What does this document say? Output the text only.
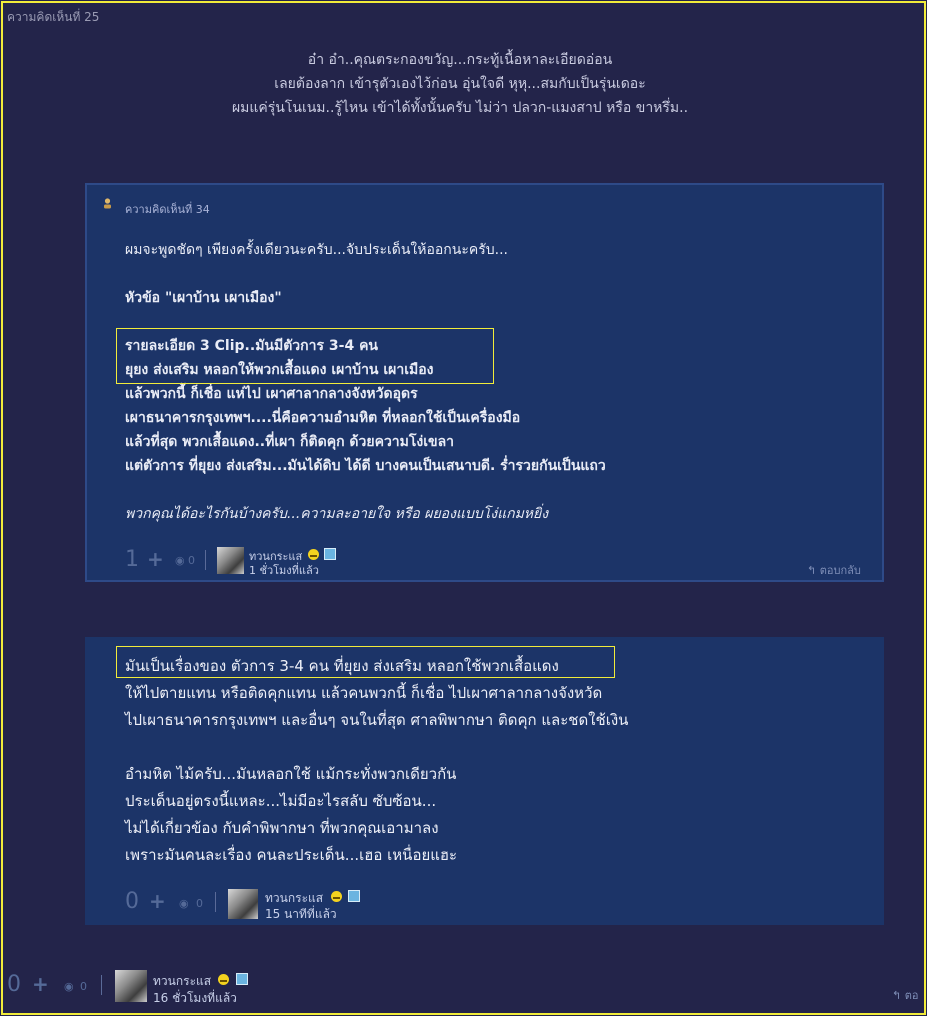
ความคิดเห็นที่ 25
อ๋า อ๋า..คุณตระกองขวัญ...กระทู้เนื้อหาละเอียดอ่อน
เลยต้องลาก เข้ารุตัวเองไว้ก่อน อุ่นใจดี หุหุ...สมกับเป็นรุ่นเดอะ
ผมแค่รุ่นโนเนม..รู้ไหน เข้าได้ทั้งนั้นครับ ไม่ว่า ปลวก-แมงสาป หรือ ขาหรึ่ม..
ความคิดเห็นที่ 34
ผมจะพูดชัดๆ เพียงครั้งเดียวนะครับ...จับประเด็นให้ออกนะครับ...
หัวข้อ "เผาบ้าน เผาเมือง"
รายละเอียด 3 Clip..มันมีตัวการ 3-4 คน
ยุยง ส่งเสริม หลอกให้พวกเสื้อแดง เผาบ้าน เผาเมือง
แล้วพวกนี้ ก็เชื่อ แห่ไป เผาศาลากลางจังหวัดอุดร
เผาธนาคารกรุงเทพฯ....นี่คือความอำมหิต ที่หลอกใช้เป็นเครื่องมือ
แล้วที่สุด พวกเสื้อแดง..ที่เผา ก็ติดคุก ด้วยความโง่เขลา
แต่ตัวการ ที่ยุยง ส่งเสริม...มันได้ดิบ ได้ดี บางคนเป็นเสนาบดี. ร่ำรวยกันเป็นแถว
พวกคุณได้อะไรกันบ้างครับ...ความละอายใจ หรือ ผยองแบบโง่แกมหยิ่ง
1 + ◉ 0	ทวนกระแส
1 ชั่วโมงที่แล้ว	↰ ตอบกลับ
มันเป็นเรื่องของ ตัวการ 3-4 คน ที่ยุยง ส่งเสริม หลอกใช้พวกเสื้อแดง
ให้ไปตายแทน หรือติดคุกแทน แล้วคนพวกนี้ ก็เชื่อ ไปเผาศาลากลางจังหวัด
ไปเผาธนาคารกรุงเทพฯ และอื่นๆ จนในที่สุด ศาลพิพากษา ติดคุก และชดใช้เงิน
อำมหิต ไม้ครับ...มันหลอกใช้ แม้กระทั่งพวกเดียวกัน
ประเด็นอยู่ตรงนี้แหละ...ไม่มีอะไรสลับ ซับซ้อน...
ไม่ได้เกี่ยวข้อง กับคำพิพากษา ที่พวกคุณเอามาลง
เพราะมันคนละเรื่อง คนละประเด็น...เฮอ เหนื่อยแฮะ
0 + ◉ 0	ทวนกระแส
15 นาทีที่แล้ว
0 + ◉ 0	ทวนกระแส
16 ชั่วโมงที่แล้ว	↰ ตอ
